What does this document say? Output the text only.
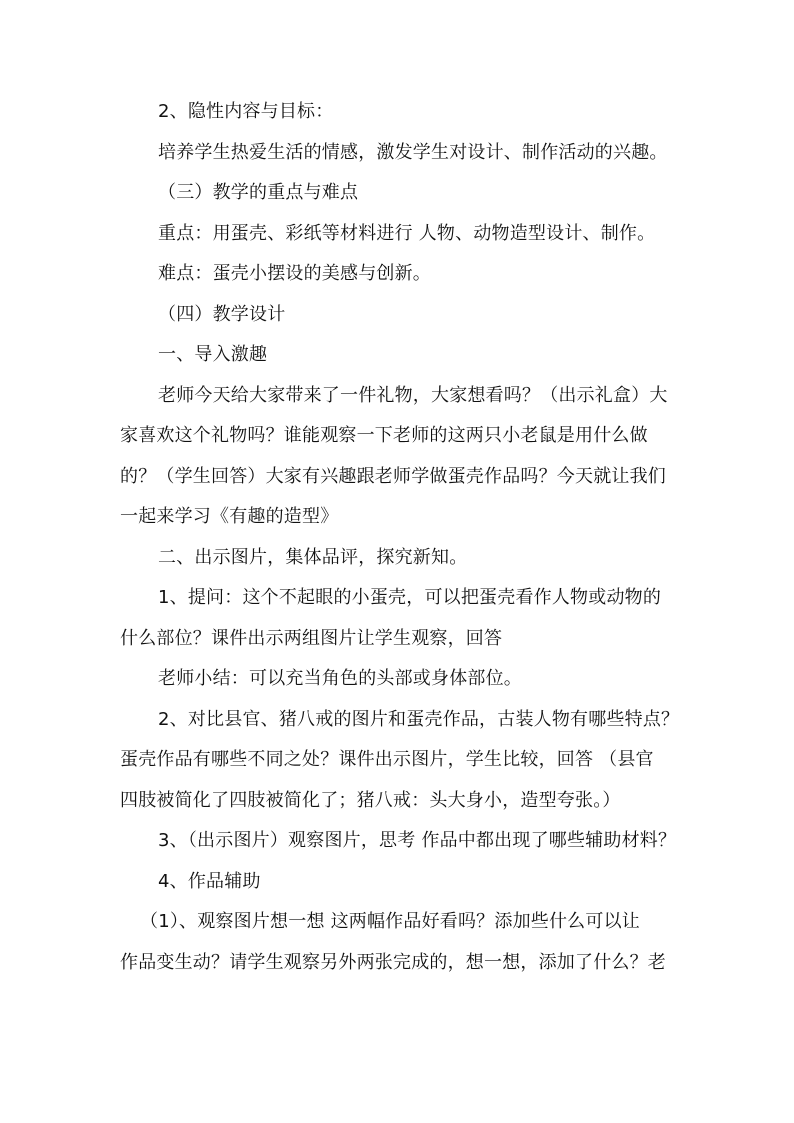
2、隐性内容与目标：
培养学生热爱生活的情感，激发学生对设计、制作活动的兴趣。
（三）教学的重点与难点
重点：用蛋壳、彩纸等材料进行 人物、动物造型设计、制作。
难点：蛋壳小摆设的美感与创新。
（四）教学设计
一、导入激趣
老师今天给大家带来了一件礼物，大家想看吗？（出示礼盒）大
家喜欢这个礼物吗？谁能观察一下老师的这两只小老鼠是用什么做
的？（学生回答）大家有兴趣跟老师学做蛋壳作品吗？今天就让我们
一起来学习《有趣的造型》
二、出示图片，集体品评，探究新知。
1、提问：这个不起眼的小蛋壳，可以把蛋壳看作人物或动物的
什么部位？课件出示两组图片让学生观察，回答
老师小结：可以充当角色的头部或身体部位。
2、对比县官、猪八戒的图片和蛋壳作品，古装人物有哪些特点？
蛋壳作品有哪些不同之处？课件出示图片，学生比较，回答 （县官
四肢被简化了四肢被简化了；猪八戒：头大身小，造型夸张。）
3、（出示图片）观察图片，思考 作品中都出现了哪些辅助材料？
4、作品辅助
（1）、观察图片想一想 这两幅作品好看吗？添加些什么可以让
作品变生动？请学生观察另外两张完成的，想一想，添加了什么？老
